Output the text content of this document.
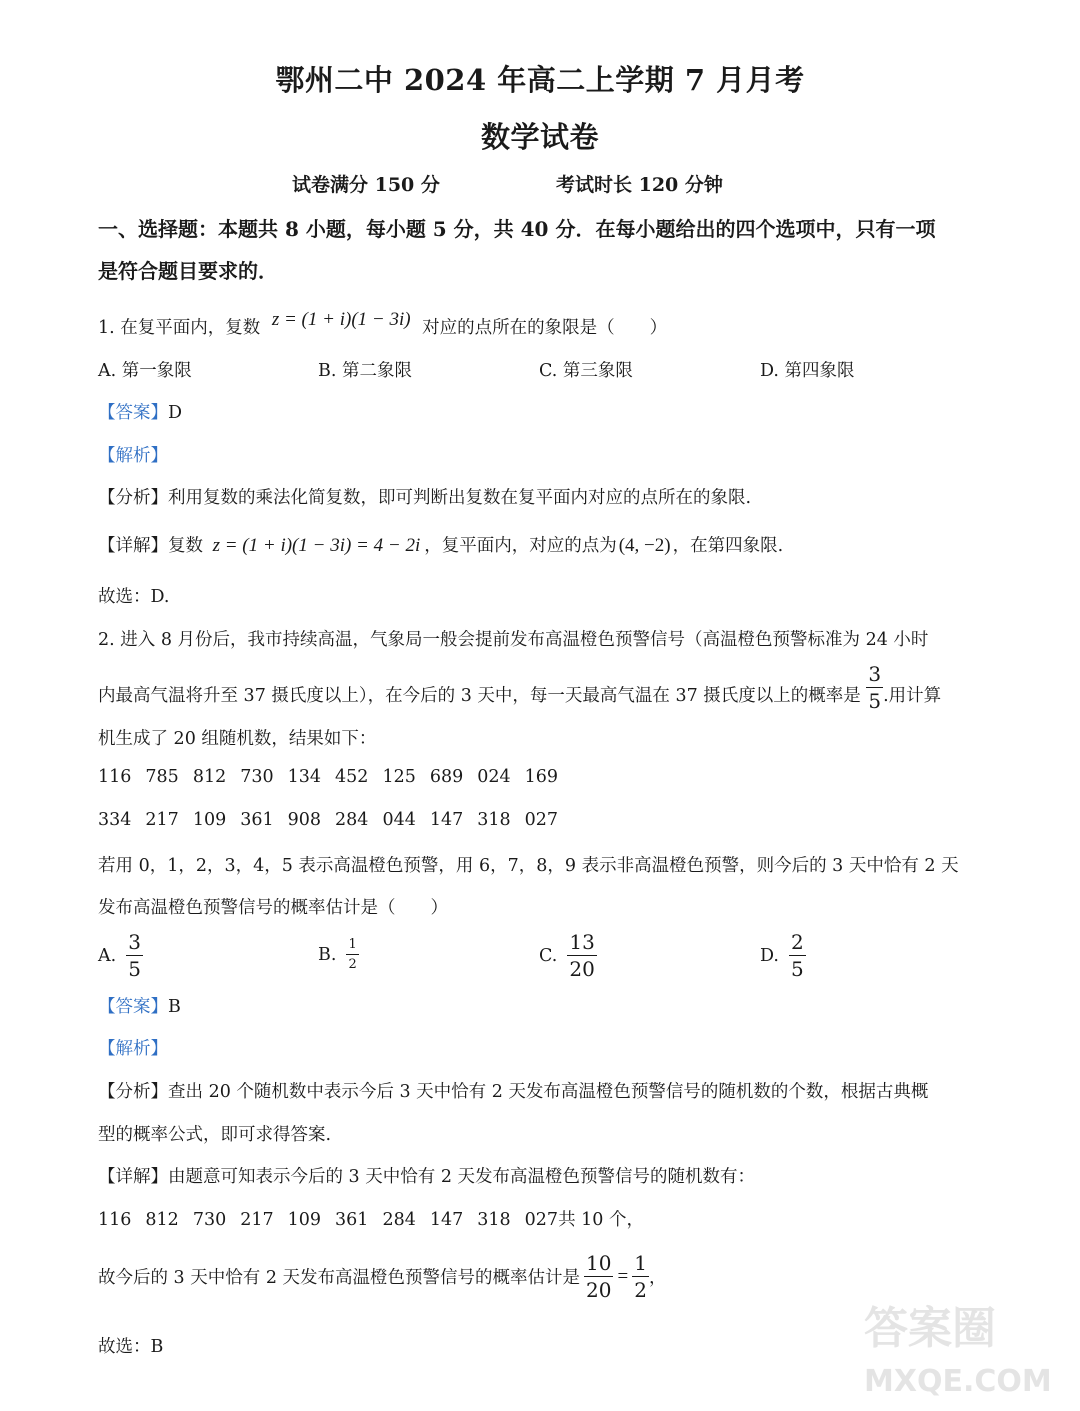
鄂州二中 2024 年高二上学期 7 月月考
数学试卷
试卷满分 150 分	考试时长 120 分钟
一、选择题：本题共 8 小题，每小题 5 分，共 40 分．在每小题给出的四个选项中，只有一项
是符合题目要求的．
1. 在复平面内，复数 z = (1 + i)(1 − 3i) 对应的点所在的象限是（　　）
A. 第一象限	B. 第二象限	C. 第三象限	D. 第四象限
【答案】D
【解析】
【分析】利用复数的乘法化简复数，即可判断出复数在复平面内对应的点所在的象限.
【详解】复数 z = (1 + i)(1 − 3i) = 4 − 2i ，复平面内，对应的点为 (4, −2) ，在第四象限.
故选：D.
2. 进入 8 月份后，我市持续高温，气象局一般会提前发布高温橙色预警信号（高温橙色预警标准为 24 小时
内最高气温将升至 37 摄氏度以上），在今后的 3 天中，每一天最高气温在 37 摄氏度以上的概率是 $\frac{3}{5}$ .用计算
机生成了 20 组随机数，结果如下：
116 785 812 730 134 452 125 689 024 169
334 217 109 361 908 284 044 147 318 027
若用 0，1，2，3，4，5 表示高温橙色预警，用 6，7，8，9 表示非高温橙色预警，则今后的 3 天中恰有 2 天
发布高温橙色预警信号的概率估计是（　　）
A. $\frac{3}{5}$	B. $\frac{1}{2}$	C. $\frac{13}{20}$	D. $\frac{2}{5}$
【答案】B
【解析】
【分析】查出 20 个随机数中表示今后 3 天中恰有 2 天发布高温橙色预警信号的随机数的个数，根据古典概
型的概率公式，即可求得答案.
【详解】由题意可知表示今后的 3 天中恰有 2 天发布高温橙色预警信号的随机数有：
116 812 730 217 109 361 284 147 318 027共 10 个，
故今后的 3 天中恰有 2 天发布高温橙色预警信号的概率估计是 $\frac{10}{20} = \frac{1}{2}$ ，
故选：B	答案圈
MXQE.COM
